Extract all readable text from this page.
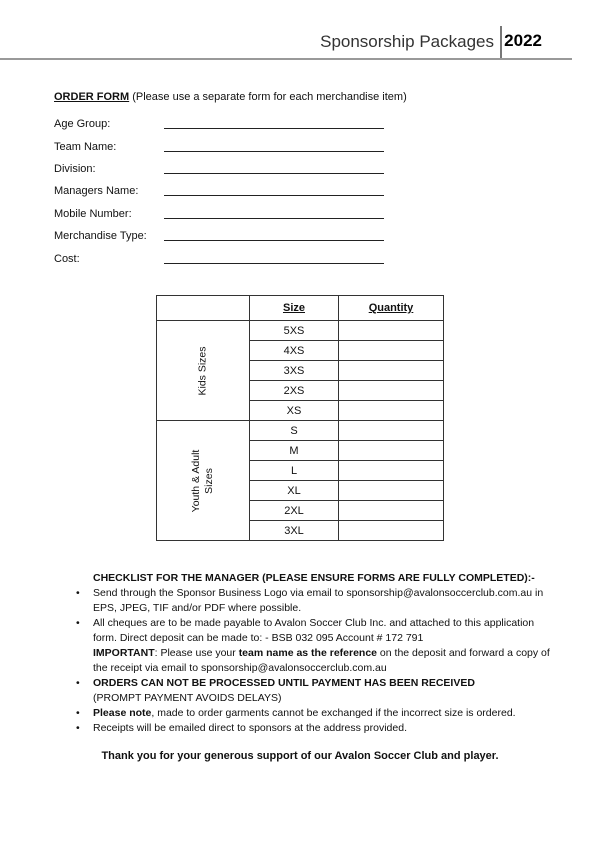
Sponsorship Packages 2022
ORDER FORM (Please use a separate form for each merchandise item)
Age Group:
Team Name:
Division:
Managers Name:
Mobile Number:
Merchandise Type:
Cost:
	Size	Quantity

Kids Sizes	5XS	
	4XS	
	3XS	
	2XS	
	XS	

Youth & Adult
Sizes	S	
	M	
	L	
	XL	
	2XL	
	3XL	
CHECKLIST FOR THE MANAGER (PLEASE ENSURE FORMS ARE FULLY COMPLETED):-
• Send through the Sponsor Business Logo via email to sponsorship@avalonsoccerclub.com.au in EPS, JPEG, TIF and/or PDF where possible.
• All cheques are to be made payable to Avalon Soccer Club Inc. and attached to this application form. Direct deposit can be made to: - BSB 032 095 Account # 172 791
IMPORTANT: Please use your team name as the reference on the deposit and forward a copy of the receipt via email to sponsorship@avalonsoccerclub.com.au
• ORDERS CAN NOT BE PROCESSED UNTIL PAYMENT HAS BEEN RECEIVED
(PROMPT PAYMENT AVOIDS DELAYS)
• Please note, made to order garments cannot be exchanged if the incorrect size is ordered.
• Receipts will be emailed direct to sponsors at the address provided.
Thank you for your generous support of our Avalon Soccer Club and player.
